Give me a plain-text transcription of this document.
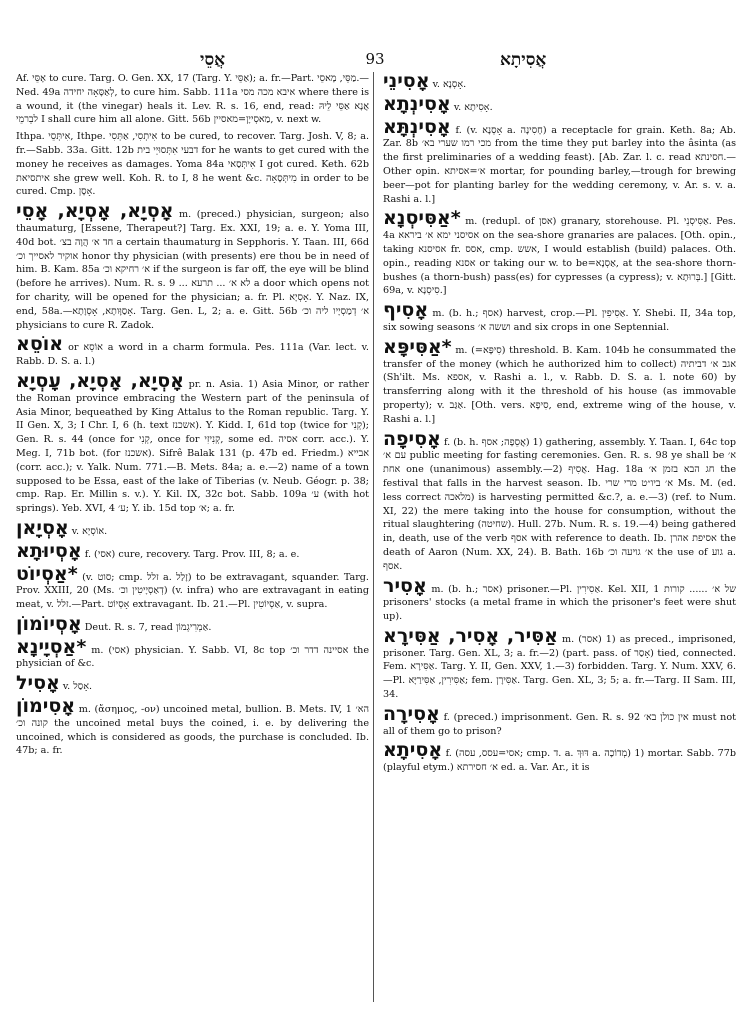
אֲסֵי	93	אֲסִיתָא

Af. אָסֵּי to cure. Targ. O. Gen. XX, 17 (Targ. Y. אַסֵּי); a. fr.—Part. מַסֵּי, מָאסֵי.—Ned. 49a לְאַסָּאָה יחידה, to cure him. Sabb. 111a איבא מכה מסי where there is a wound, it (the vinegar) heals it. Lev. R. s. 16, end, read: אֲנָא אַסֵּי לֵיהּ לבֵרמֵי I shall cure him all alone. Gitt. 56b מַאסְייָן=מאסיין, v. next w.

Ithpa. אִיתְּסֵי, Ithpe. אִיתְסִי, אַתְּסִי to be cured, to recover. Targ. Josh. V, 8; a. fr.—Sabb. 33a. Gitt. 12b דבעי אִתְּסוּיֵי בית for he wants to get cured with the money he receives as damages. Yoma 84a אִיתְּסַאי I got cured. Keth. 62b איתסיאת she grew well. Koh. R. to I, 8 he went &c. מִיתְּסָאָה in order to be cured. Cmp. אָסָן.

אָסְיָא, אָסְיָא, אָסֵי m. (preced.) physician, surgeon; also thaumaturg, [Essene, Therapeut?] Targ. Ex. XXI, 19; a. e. Y. Yoma III, 40d bot. חד א׳ הֲוָה בצ׳ a certain thaumaturg in Sepphoris. Y. Taan. III, 66d אוקיר לאסייך וכ׳ honor thy physician (with presents) ere thou be in need of him. B. Kam. 85a א׳ רחיקא וכ׳ if the surgeon is far off, the eye will be blind (before he arrives). Num. R. s. 9 ... לא א׳ ... תרעא a door which opens not for charity, will be opened for the physician; a. fr. Pl. אָסְיָא. Y. Naz. IX, end, 58a.—אָסַוָּותָא, אָסְוָתָא. Targ. Gen. L, 2; a. e. Gitt. 56b א׳ דְמַסְיָיו ליה וכ׳ physicians to cure R. Zadok.

אוֹסֵא or אוֹסֵא a word in a charm formula. Pes. 111a (Var. lect. v. Rabb. D. S. a. l.)

אָסְיָא, אָסְיָא, עָסְיָא pr. n. Asia. 1) Asia Minor, or rather the Roman province embracing the Western part of the peninsula of Asia Minor, bequeathed by King Attalus to the Roman republic. Targ. Y. II Gen. X, 3; I Chr. I, 6 (h. text אשכנז). Y. Kidd. I, 61d top (twice for קְנִי); Gen. R. s. 44 (once for קְנִי, once for קְנִיזִי, some ed. אסיה corr. acc.). Y. Meg. I, 71b bot. (for אשכנז). Sifrê Balak 131 (p. 47b ed. Friedm.) אבייא (corr. acc.); v. Yalk. Num. 771.—B. Mets. 84a; a. e.—2) name of a town supposed to be Essa, east of the lake of Tiberias (v. Neub. Géogr. p. 38; cmp. Rap. Er. Millin s. v.). Y. Kil. IX, 32c bot. Sabb. 109a ע׳ (with hot springs). Yeb. XVI, 4 ע׳; Y. ib. 15d top א׳; a. fr.

אָסְיָאן v. אוֹסְיָא.

אָסְיוּתָא f. (אסי) cure, recovery. Targ. Prov. III, 8; a. e.

*אַסְיוֹט (v. סוט; cmp. זלל a. זָלַל) to be extravagant, squander. Targ. Prov. XXIII, 20 (Ms. דְאַסְיָיטִין וכ׳) (v. infra) who are extravagant in eating meat, v. זלל.—Part. אָסְיוֹט extravagant. Ib. 21.—Pl. אַסְיוֹטִין, v. supra.

אָסְיוֹמוֹן Deut. R. s. 7, read אַמְרִיגְמוֹן.

*אַסְיָינָא m. (אסי) physician. Y. Sabb. VI, 8c top אסיינה דדר וכ׳ the physician of &c.

אָסִיל v. אָסַל.

אָסִימוֹן m. (ἄσημος, -ον) uncoined metal, bullion. B. Mets. IV, 1 הא׳ קונה וכ׳ the uncoined metal buys the coined, i. e. by delivering the uncoined, which is considered as goods, the purchase is concluded. Ib. 47b; a. fr.

אָסִינֵי v. אָסְנָא.

אָסִינְתָא v. אָסִיתָא.

אָסִינְתָּא f. (v. אָסְנָא a. חָסִינָה) a receptacle for grain. Keth. 8a; Ab. Zar. 8b מכי רמו שערי בא׳ from the time they put barley into the âsinta (as the first preliminaries of a wedding feast). [Ab. Zar. l. c. read חסינתא.—Other opin. א׳=אסיתא mortar, for pounding barley,—trough for brewing beer—pot for planting barley for the wedding ceremony, v. Ar. s. v. a. Rashi a. l.]

*אַסִּיסְנָא m. (redupl. of אסן) granary, storehouse. Pl. אַסִּיסְנֵי. Pes. 4a אסיסני ימא א׳ ביראא on the sea-shore granaries are palaces. [Oth. opin., taking אסיסנא fr. אסס, cmp. אשש, I would establish (build) palaces. Oth. opin., reading אסנא or taking our w. to be=אַסְנָא, at the sea-shore thorn-bushes (a thorn-bush) pass(es) for cypresses (a cypress); v. בְּרוּתָא.] [Gitt. 69a, v. סִיסְנָא.]

אָסִיף m. (b. h.; אסף) harvest, crop.—Pl. אַסִיפִין. Y. Shebi. II, 34a top, six sowing seasons וששה א׳ and six crops in one Septennial.

*אַסִּיפָּא m. (=סִיפָּא) threshold. B. Kam. 104b he consummated the transfer of the money (which he authorized him to collect) אגב א׳ דביתיה (Sh'ilt. Ms. אספא, v. Rashi a. l., v. Rabb. D. S. a. l. note 60) by transferring along with it the threshold of his house (as immovable property); v. אַגַּב. [Oth. vers. סִיפָא, end, extreme wing of the house, v. Rashi a. l.]

אָסִיפָה f. (b. h. אֲסֵפָה; אסף) 1) gathering, assembly. Y. Taan. I, 64c top עם א׳ public meeting for fasting ceremonies. Gen. R. s. 98 ye shall be א׳ אחת one (unanimous) assembly.—2) אֲסִיף. Hag. 18a חג הבא בזמן א׳ the festival that falls in the harvest season. Ib. א׳ ביו״ט מרי שרי Ms. M. (ed. less correct מלאכה) is harvesting permitted &c.?, a. e.—3) (ref. to Num. XI, 22) the mere taking into the house for consumption, without the ritual slaughtering (שחיטה). Hull. 27b. Num. R. s. 19.—4) being gathered in, death, use of the verb אסף with reference to death. Ib. אסיפת אהרן the death of Aaron (Num. XX, 24). B. Bath. 16b א׳ גויעה וכ׳ the use of גוע a. אסף.

אָסִיר m. (b. h.; אסר) prisoner.—Pl. אַסִירִין. Kel. XII, 1 של א׳ ...... קורות prisoners' stocks (a metal frame in which the prisoner's feet were shut up).

אַסִּיר, אָסִיר, אַסִּירָא m. (אסר) 1) as preced., imprisoned, prisoner. Targ. Gen. XL, 3; a. fr.—2) (part. pass. of אָסַר) tied, connected. Fem. אַסִּירָא. Targ. Y. II, Gen. XXV, 1.—3) forbidden. Targ. Y. Num. XXV, 6.—Pl. אַסִּירִין, אַסִּירַיָּא; fem. אַסִּירָן. Targ. Gen. XL, 3; 5; a. fr.—Targ. II Sam. III, 34.

אָסִירָה f. (preced.) imprisonment. Gen. R. s. 92 אין כולן בא׳ must not all of them go to prison?

אָסִיתָא f. (אסי=עסס, עסה; cmp. ד. a. דּוּךְ a. מְדוֹכָה) 1) mortar. Sabb. 77b (playful etym.) א׳ חסירתא ed. a. Var. Ar., it is
